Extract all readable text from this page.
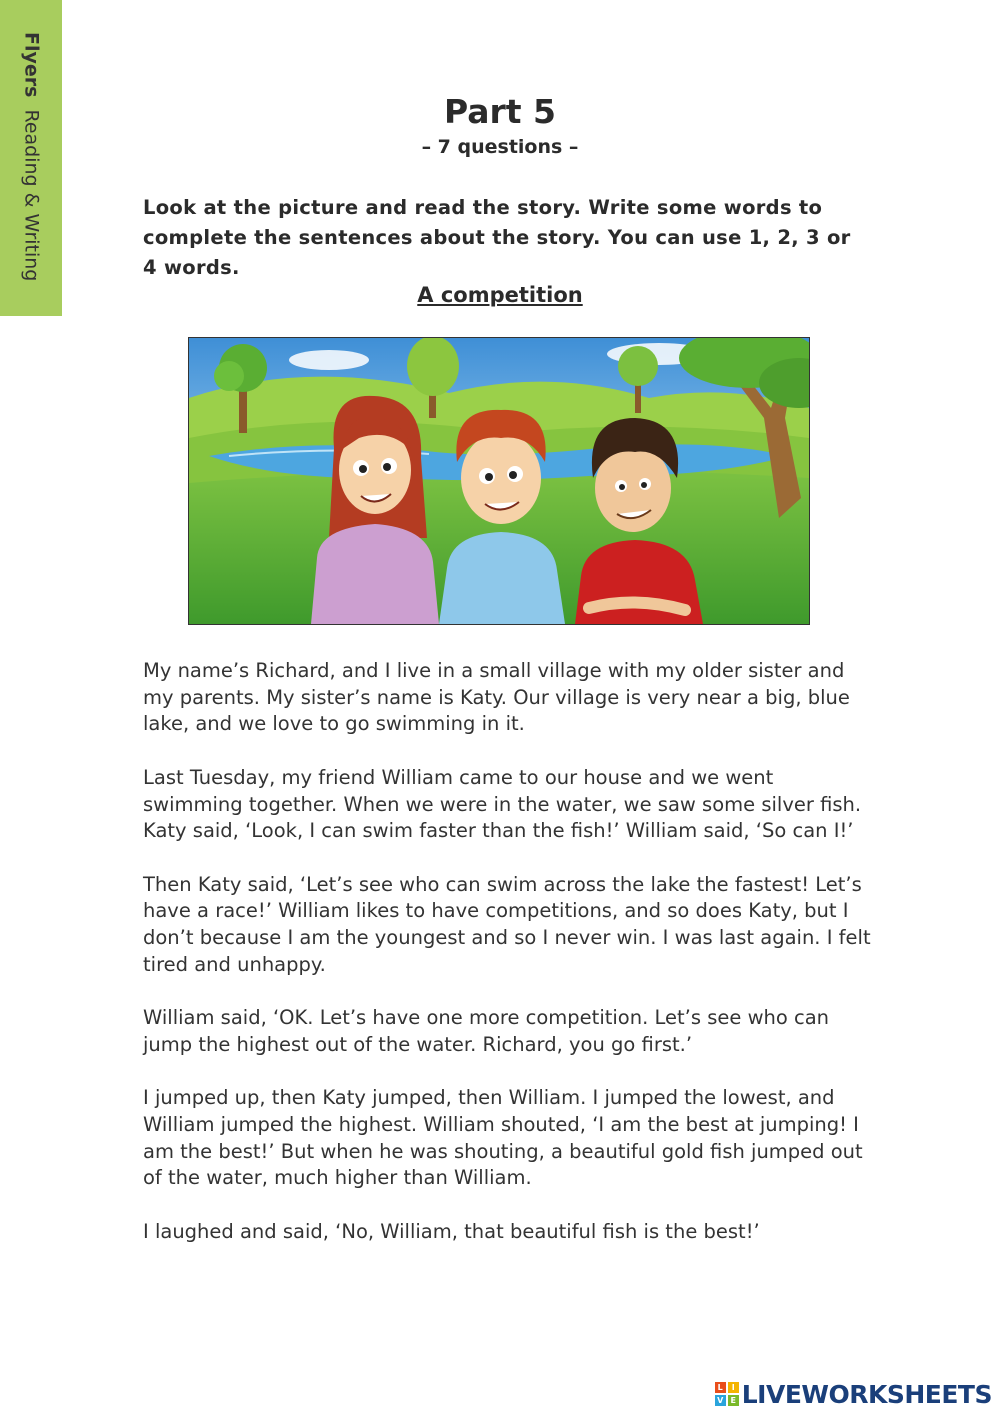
Flyers Reading & Writing	Part 5
– 7 questions –
Look at the picture and read the story. Write some words to complete the sentences about the story. You can use 1, 2, 3 or 4 words.
A competition

My name’s Richard, and I live in a small village with my older sister and my parents. My sister’s name is Katy. Our village is very near a big, blue lake, and we love to go swimming in it.

Last Tuesday, my friend William came to our house and we went swimming together. When we were in the water, we saw some silver fish. Katy said, ‘Look, I can swim faster than the fish!’ William said, ‘So can I!’

Then Katy said, ‘Let’s see who can swim across the lake the fastest! Let’s have a race!’ William likes to have competitions, and so does Katy, but I don’t because I am the youngest and so I never win. I was last again. I felt tired and unhappy.

William said, ‘OK. Let’s have one more competition. Let’s see who can jump the highest out of the water. Richard, you go first.’

I jumped up, then Katy jumped, then William. I jumped the lowest, and William jumped the highest. William shouted, ‘I am the best at jumping! I am the best!’ But when he was shouting, a beautiful gold fish jumped out of the water, much higher than William.

I laughed and said, ‘No, William, that beautiful fish is the best!’

L	I
V E LIVEWORKSHEETS
